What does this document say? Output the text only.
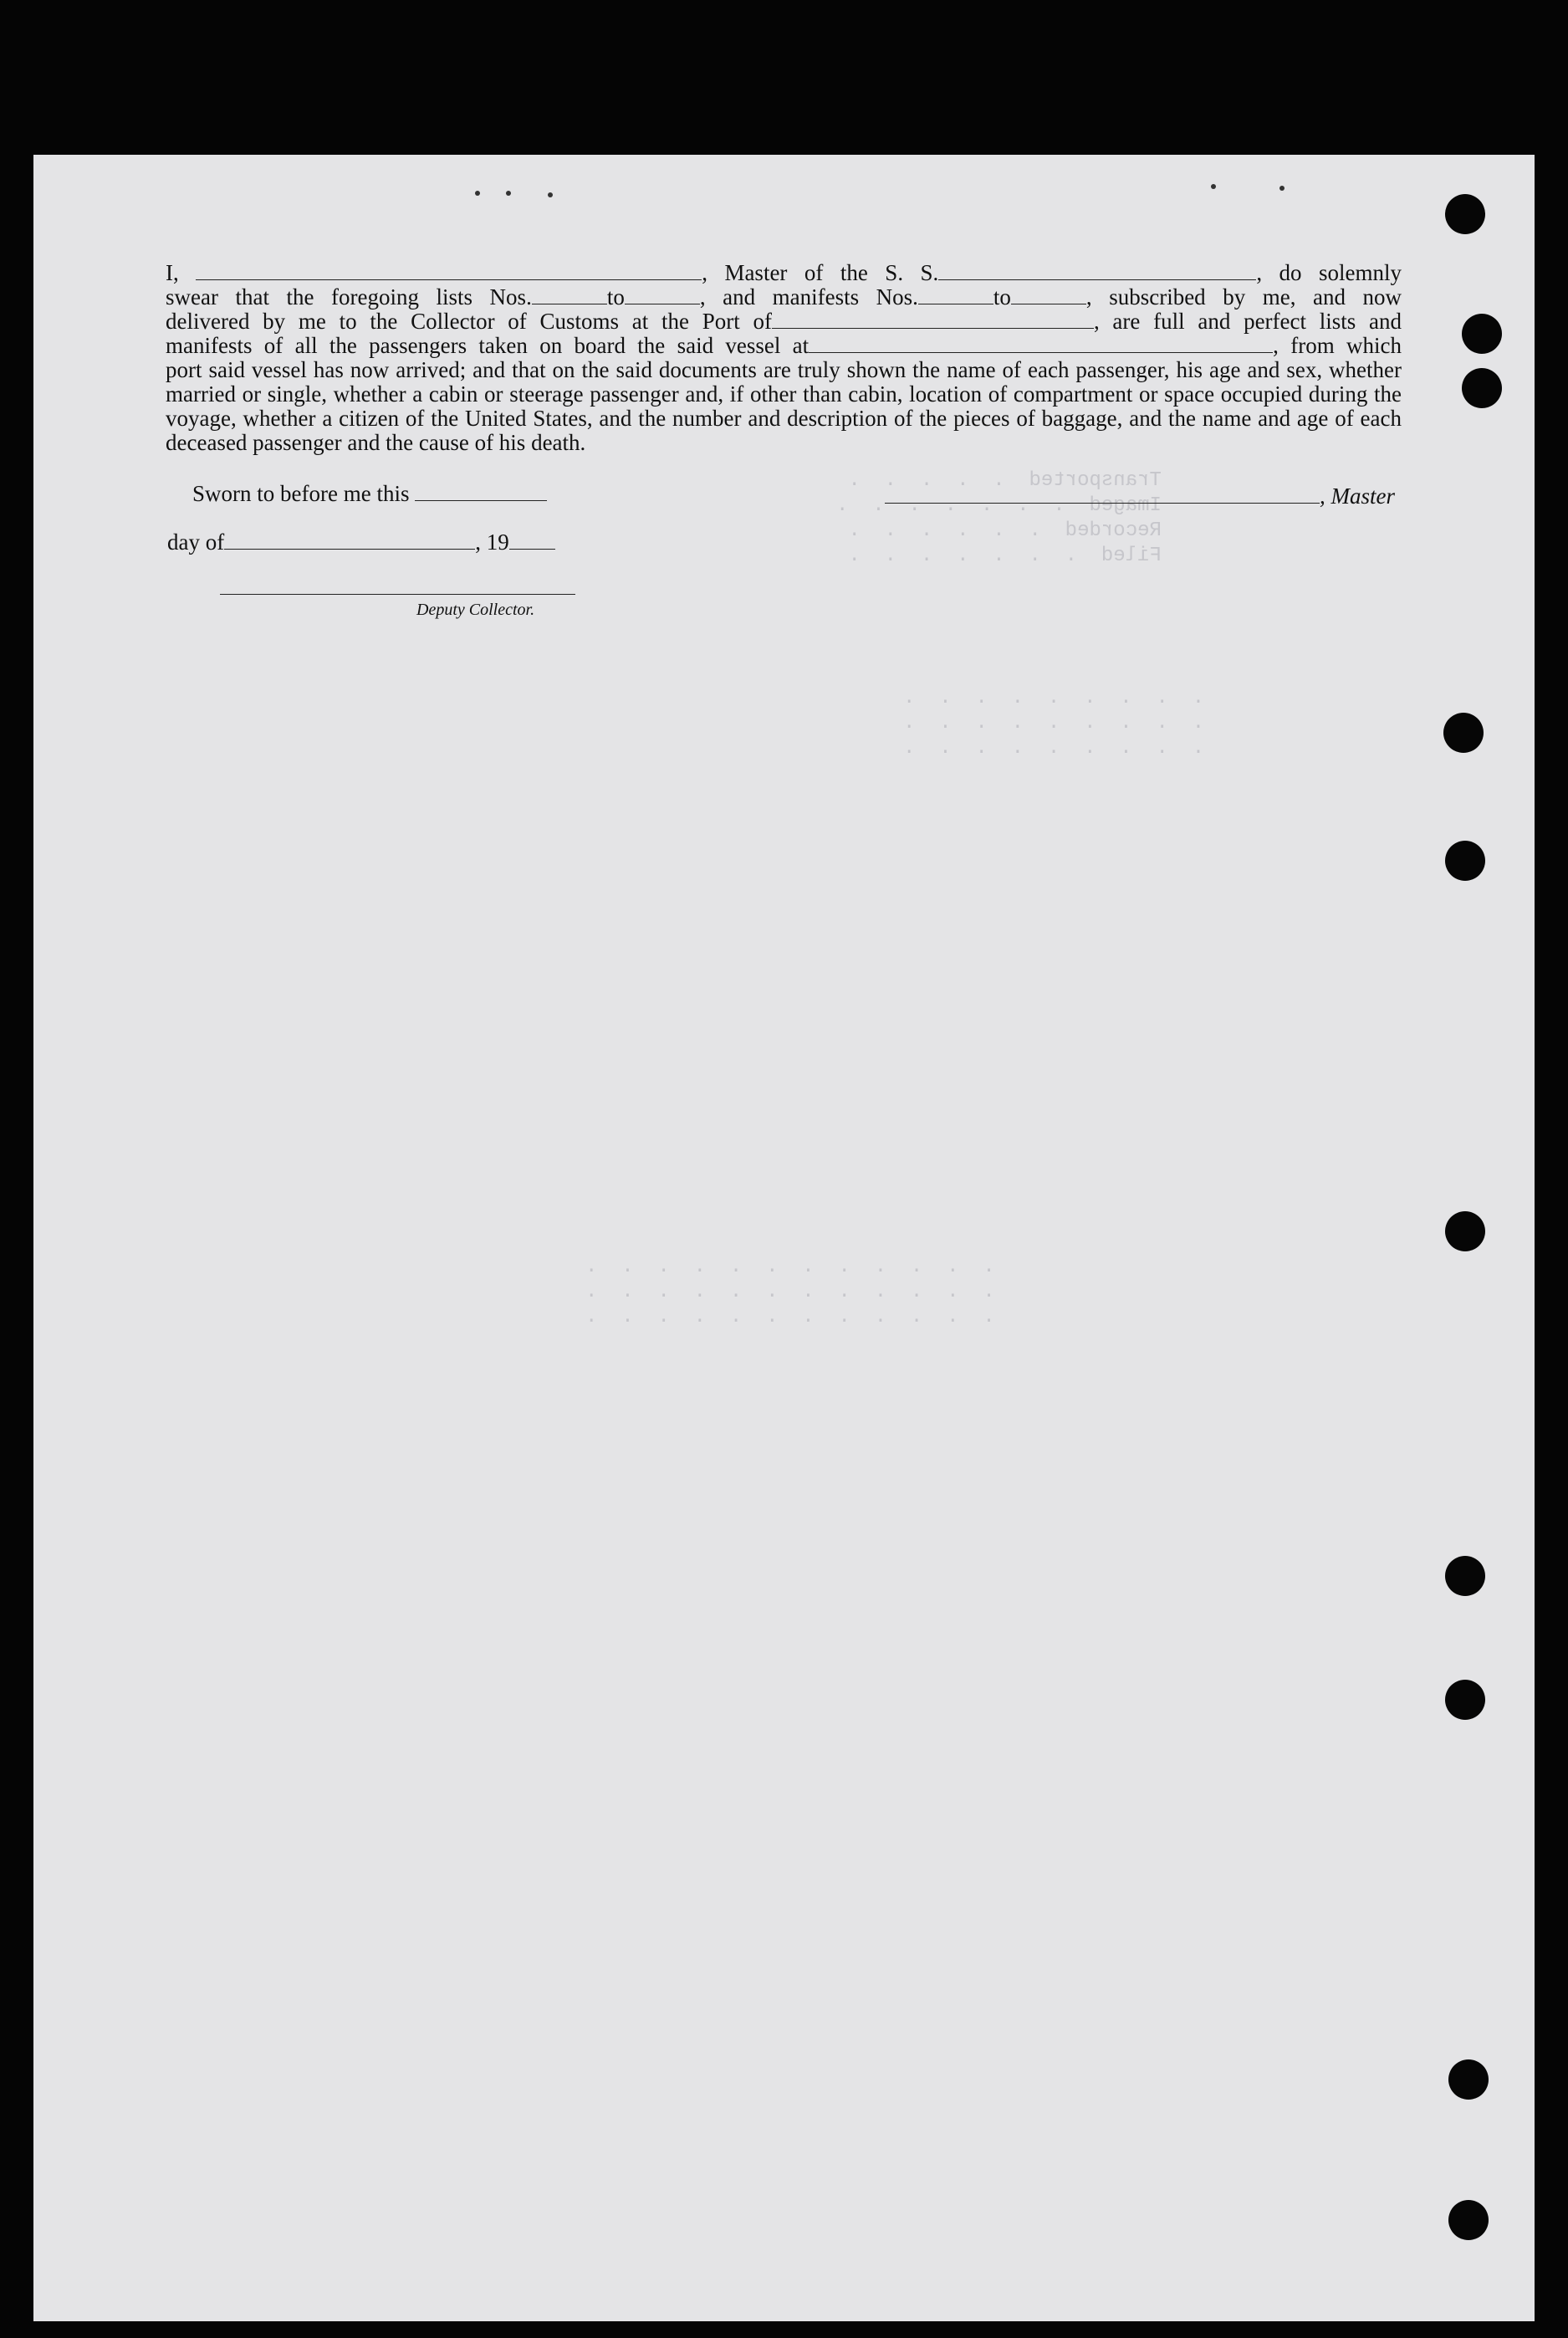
Transported  .  .  .  .  .
Imaged  .  .  .  .  .  .  .
Recorded  .  .  .  .  .  .
Filed  .  .  .  .  .  .  .
.  .  .  .  .  .  .  .  .
.  .  .  .  .  .  .  .  .
.  .  .  .  .  .  .  .  .
.  .  .  .  .  .  .  .  .  .  .  .
.  .  .  .  .  .  .  .  .  .  .  .
.  .  .  .  .  .  .  .  .  .  .  .
I,	, Master of the S. S.	, do solemnly
swear that the foregoing lists Nos.	to	, and manifests Nos.	to	, subscribed by me, and now
delivered by me to the Collector of Customs at the Port of	, are full and perfect lists and
manifests of all the passengers taken on board the said vessel at	, from which
port said vessel has now arrived; and that on the said documents are truly shown the name of each passenger, his age and sex, whether married or single, whether a cabin or steerage passenger and, if other than cabin, location of compartment or space occupied during the voyage, whether a citizen of the United States, and the number and description of the pieces of baggage, and the name and age of each deceased passenger and the cause of his death.
Sworn to before me this	, Master
day of	, 19
Deputy Collector.
